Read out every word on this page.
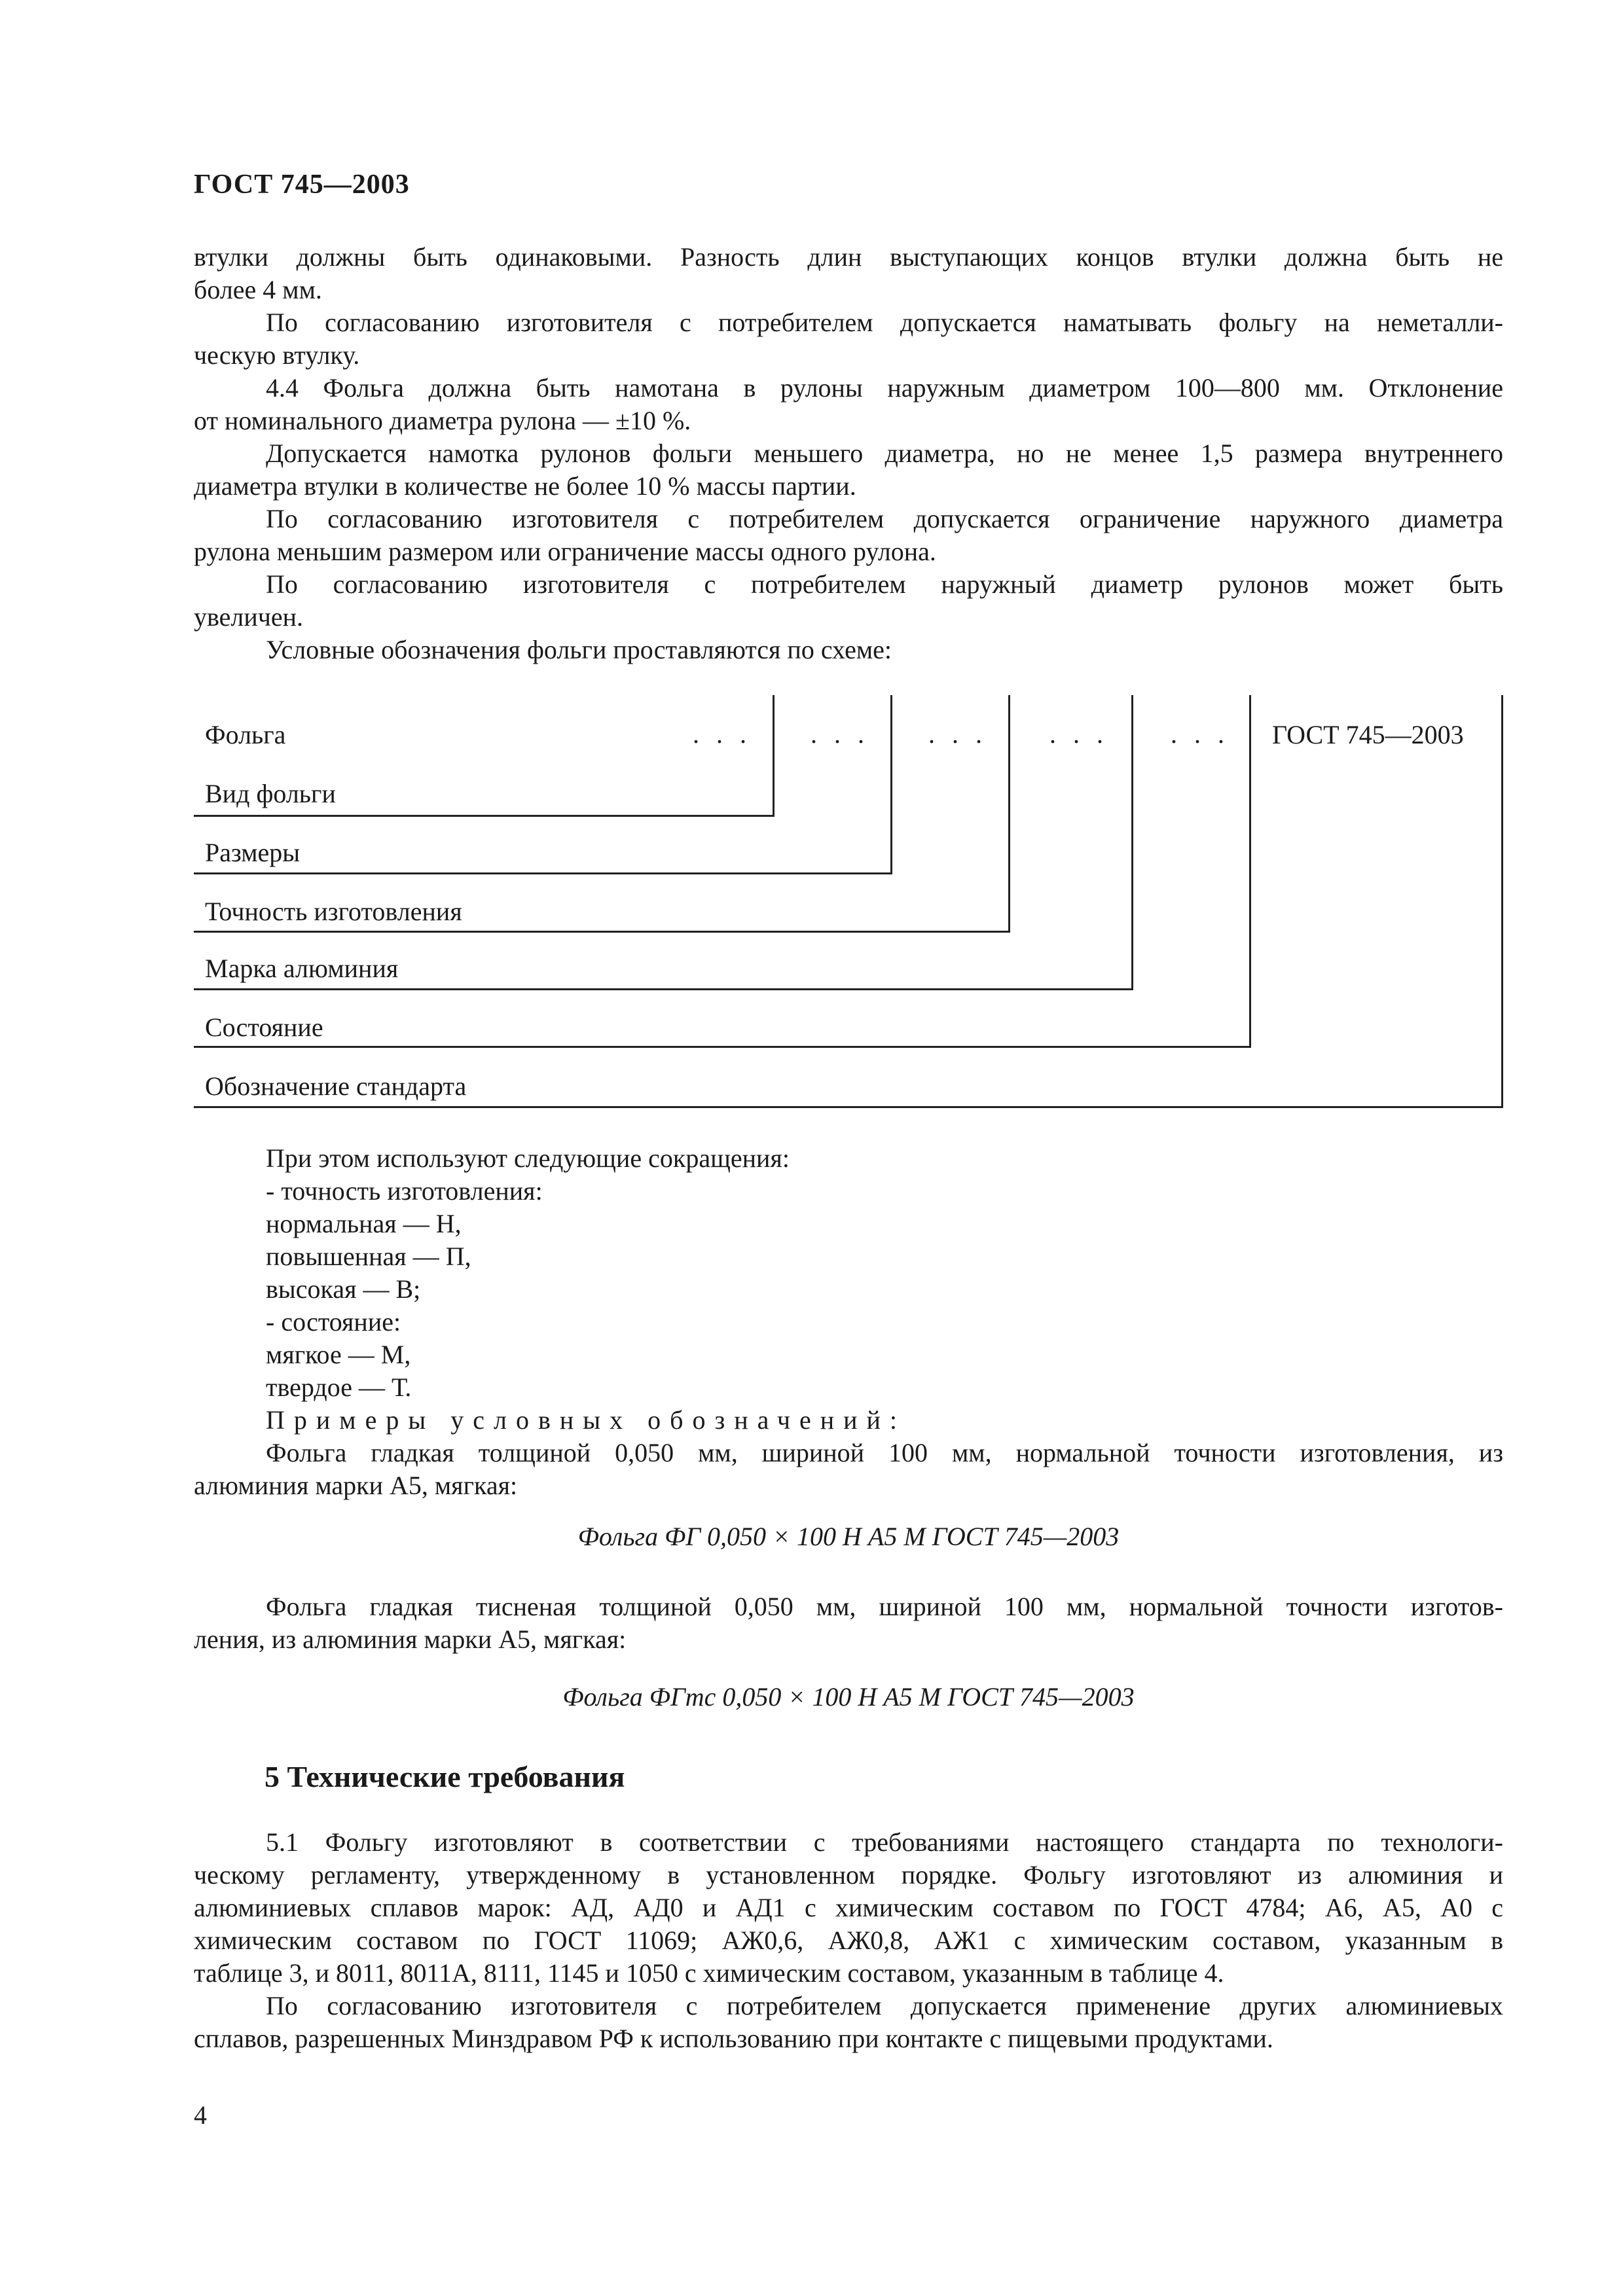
ГОСТ 745—2003
втулки должны быть одинаковыми. Разность длин выступающих концов втулки должна быть не
более 4 мм.
По согласованию изготовителя с потребителем допускается наматывать фольгу на неметалли-
ческую втулку.
4.4 Фольга должна быть намотана в рулоны наружным диаметром 100—800 мм. Отклонение
от номинального диаметра рулона — ±10 %.
Допускается намотка рулонов фольги меньшего диаметра, но не менее 1,5 размера внутреннего
диаметра втулки в количестве не более 10 % массы партии.
По согласованию изготовителя с потребителем допускается ограничение наружного диаметра
рулона меньшим размером или ограничение массы одного рулона.
По согласованию изготовителя с потребителем наружный диаметр рулонов может быть
увеличен.
Условные обозначения фольги проставляются по схеме:
Фольга	. . . . . . . . . . . . . . . ГОСТ 745—2003
Вид фольги
Размеры
Точность изготовления
Марка алюминия
Состояние
Обозначение стандарта
При этом используют следующие сокращения:
- точность изготовления:
нормальная — Н,
повышенная — П,
высокая — В;
- состояние:
мягкое — М,
твердое — Т.
Примеры условных обозначений:
Фольга гладкая толщиной 0,050 мм, шириной 100 мм, нормальной точности изготовления, из
алюминия марки А5, мягкая:
Фольга ФГ 0,050 × 100 Н А5 М ГОСТ 745—2003
Фольга гладкая тисненая толщиной 0,050 мм, шириной 100 мм, нормальной точности изготов-
ления, из алюминия марки А5, мягкая:
Фольга ФГтс 0,050 × 100 Н А5 М ГОСТ 745—2003
5 Технические требования
5.1 Фольгу изготовляют в соответствии с требованиями настоящего стандарта по технологи-
ческому регламенту, утвержденному в установленном порядке. Фольгу изготовляют из алюминия и
алюминиевых сплавов марок: АД, АД0 и АД1 с химическим составом по ГОСТ 4784; А6, А5, А0 с
химическим составом по ГОСТ 11069; АЖ0,6, АЖ0,8, АЖ1 с химическим составом, указанным в
таблице 3, и 8011, 8011А, 8111, 1145 и 1050 с химическим составом, указанным в таблице 4.
По согласованию изготовителя с потребителем допускается применение других алюминиевых
сплавов, разрешенных Минздравом РФ к использованию при контакте с пищевыми продуктами.
4
